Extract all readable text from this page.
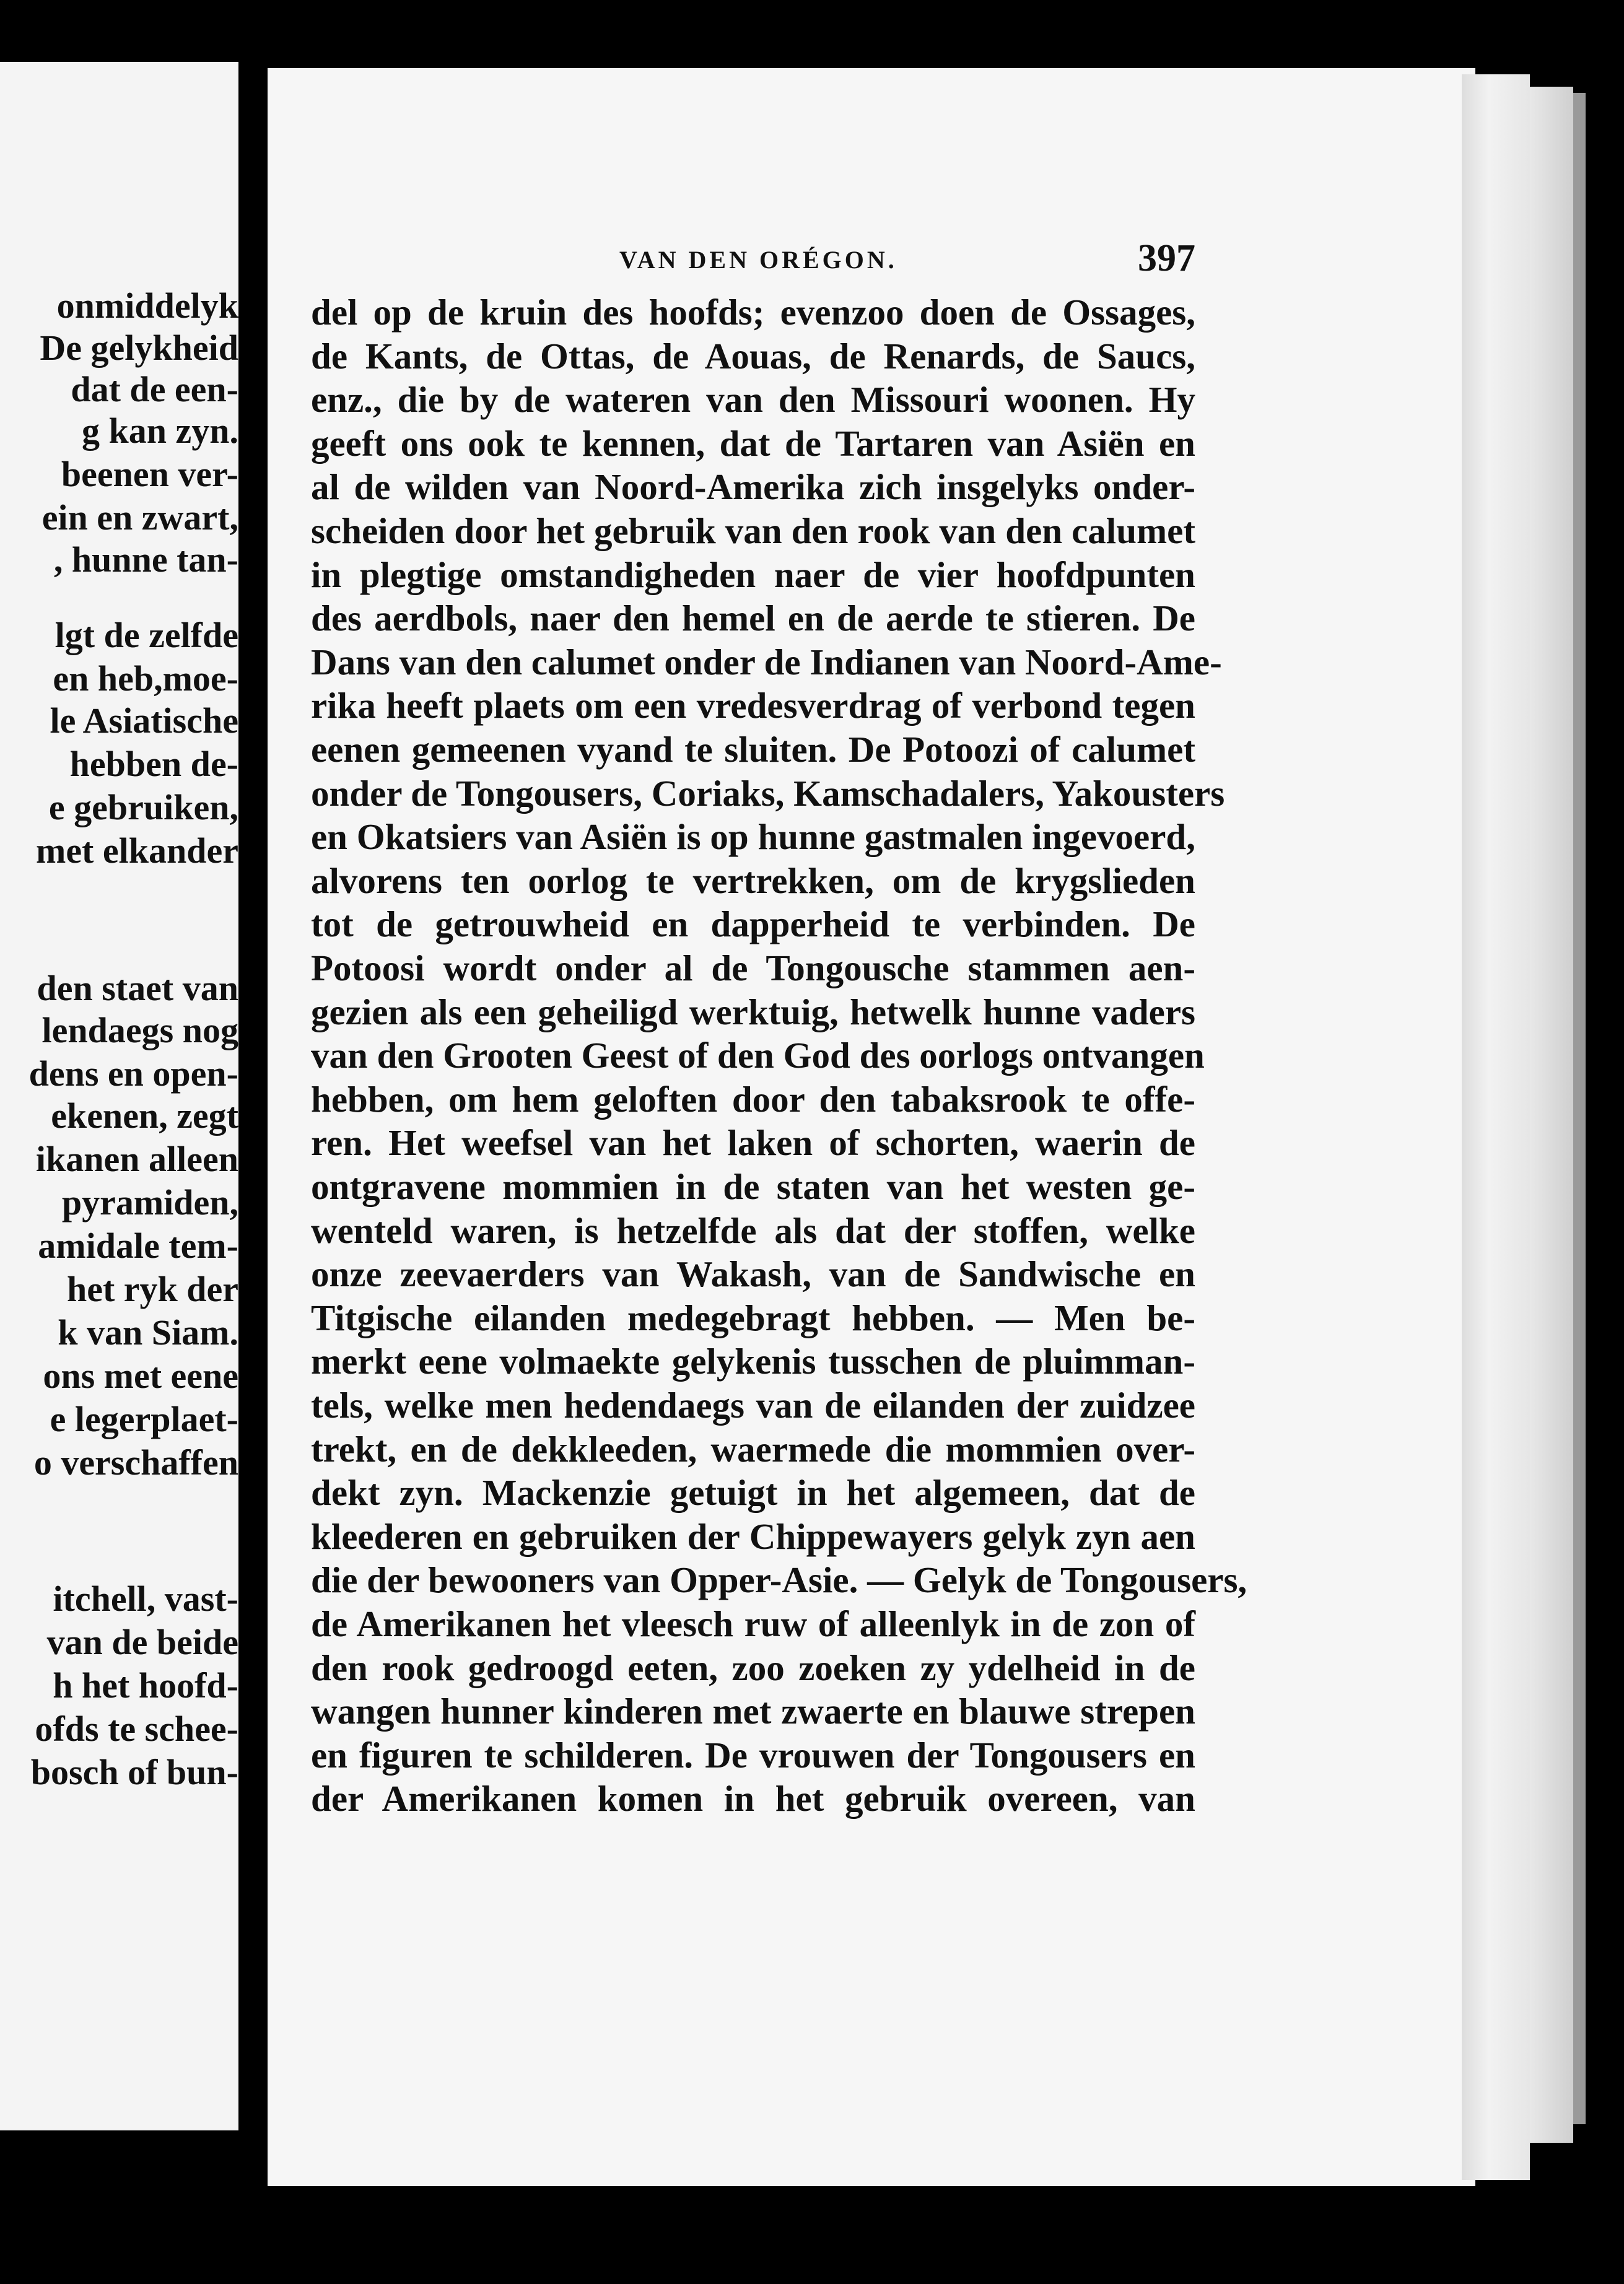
onmiddelyk
De gelykheid
dat de een-
g kan zyn.
beenen ver-
ein en zwart,
, hunne tan-
lgt de zelfde
en heb,moe-
le Asiatische
hebben de-
e gebruiken,
met elkander
den staet van
lendaegs nog
dens en open-
ekenen, zegt
ikanen alleen
pyramiden,
amidale tem-
het ryk der
k van Siam.
ons met eene
e legerplaet-
o verschaffen
itchell, vast-
van de beide
h het hoofd-
ofds te schee-
bosch of bun-
VAN DEN ORÉGON.	397
del op de kruin des hoofds; evenzoo doen de Ossages,
de Kants, de Ottas, de Aouas, de Renards, de Saucs,
enz., die by de wateren van den Missouri woonen. Hy
geeft ons ook te kennen, dat de Tartaren van Asiën en
al de wilden van Noord-Amerika zich insgelyks onder-
scheiden door het gebruik van den rook van den calumet
in plegtige omstandigheden naer de vier hoofdpunten
des aerdbols, naer den hemel en de aerde te stieren. De
Dans van den calumet onder de Indianen van Noord-Ame-
rika heeft plaets om een vredesverdrag of verbond tegen
eenen gemeenen vyand te sluiten. De Potoozi of calumet
onder de Tongousers, Coriaks, Kamschadalers, Yakousters
en Okatsiers van Asiën is op hunne gastmalen ingevoerd,
alvorens ten oorlog te vertrekken, om de krygslieden
tot de getrouwheid en dapperheid te verbinden. De
Potoosi wordt onder al de Tongousche stammen aen-
gezien als een geheiligd werktuig, hetwelk hunne vaders
van den Grooten Geest of den God des oorlogs ontvangen
hebben, om hem geloften door den tabaksrook te offe-
ren. Het weefsel van het laken of schorten, waerin de
ontgravene mommien in de staten van het westen ge-
wenteld waren, is hetzelfde als dat der stoffen, welke
onze zeevaerders van Wakash, van de Sandwische en
Titgische eilanden medegebragt hebben. — Men be-
merkt eene volmaekte gelykenis tusschen de pluimman-
tels, welke men hedendaegs van de eilanden der zuidzee
trekt, en de dekkleeden, waermede die mommien over-
dekt zyn. Mackenzie getuigt in het algemeen, dat de
kleederen en gebruiken der Chippewayers gelyk zyn aen
die der bewooners van Opper-Asie. — Gelyk de Tongousers,
de Amerikanen het vleesch ruw of alleenlyk in de zon of
den rook gedroogd eeten, zoo zoeken zy ydelheid in de
wangen hunner kinderen met zwaerte en blauwe strepen
en figuren te schilderen. De vrouwen der Tongousers en
der Amerikanen komen in het gebruik overeen, van
